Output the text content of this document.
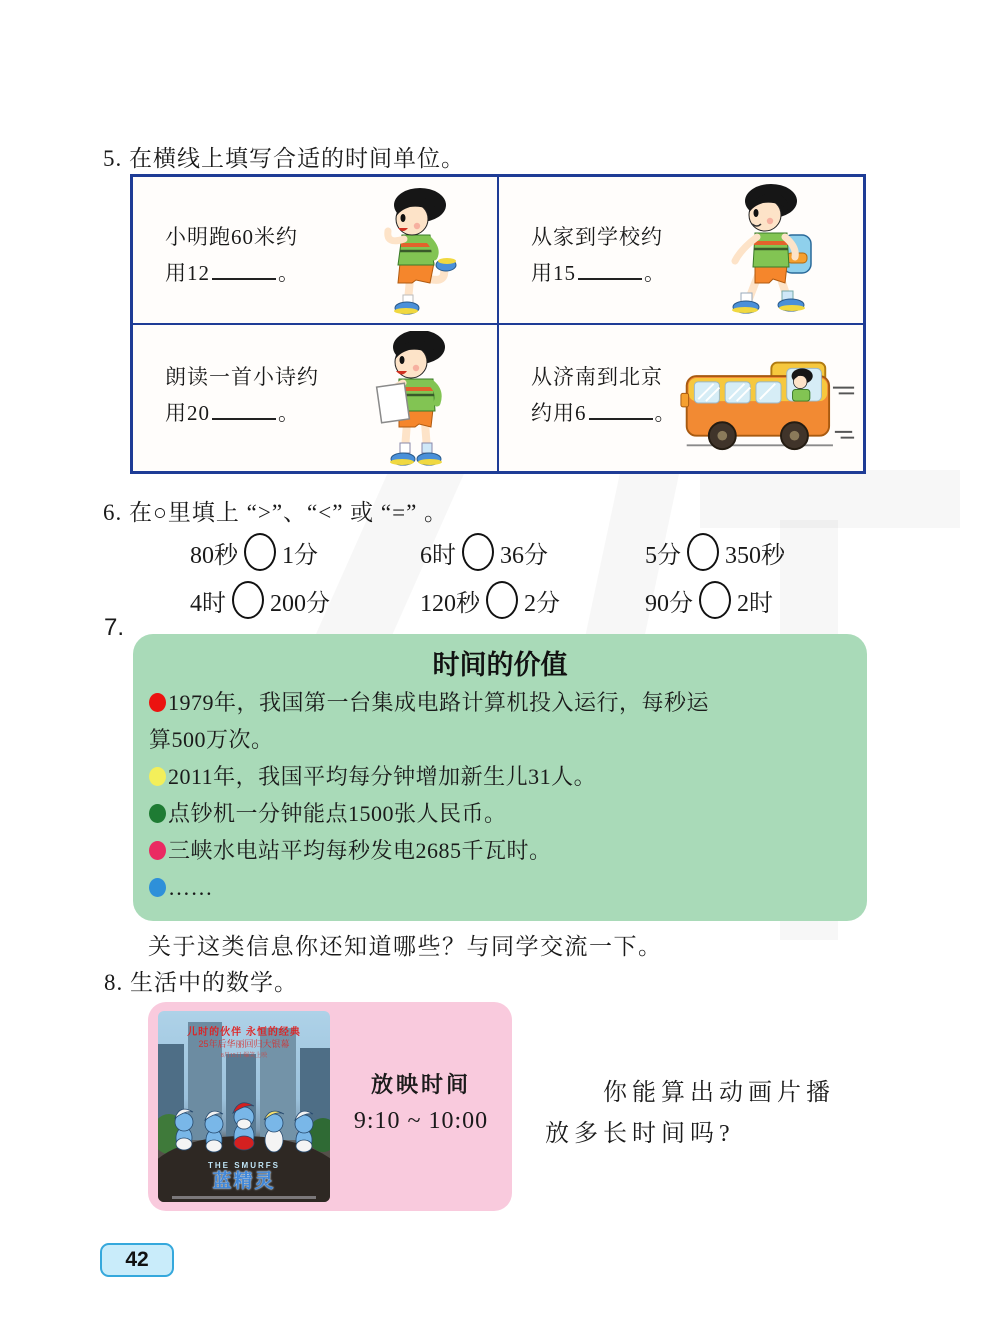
5. 在横线上填写合适的时间单位。
小明跑60米约
用12	。
从家到学校约
用15	。
朗读一首小诗约
用20	。
从济南到北京
约用6	。
6. 在○里填上 “>”、“<” 或 “=” 。
80秒 1分	6时 36分	5分 350秒
4时 200分	120秒 2分	90分 2时
7.
时间的价值
1979年，我国第一台集成电路计算机投入运行，每秒运
算500万次。
2011年，我国平均每分钟增加新生儿31人。
点钞机一分钟能点1500张人民币。
三峡水电站平均每秒发电2685千瓦时。
……
关于这类信息你还知道哪些？与同学交流一下。
8. 生活中的数学。
儿时的伙伴 永恒的经典
25年后华丽回归大银幕
8月15日 爆笑上映
THE SMURFS
蓝精灵
放映时间
9:10 ~ 10:00
你能算出动画片播
放多长时间吗?
42
